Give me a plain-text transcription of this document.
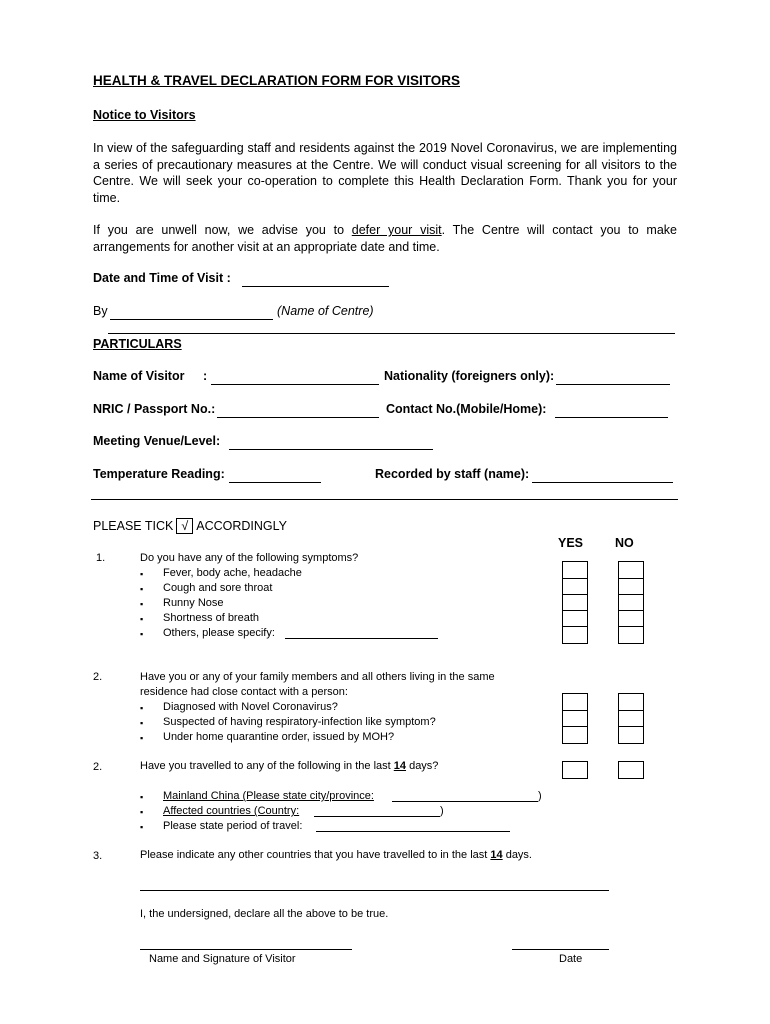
HEALTH & TRAVEL DECLARATION FORM FOR VISITORS
Notice to Visitors
In view of the safeguarding staff and residents against the 2019 Novel Coronavirus, we are implementing a series of precautionary measures at the Centre. We will conduct visual screening for all visitors to the Centre. We will seek your co-operation to complete this Health Declaration Form. Thank you for your time.
If you are unwell now, we advise you to defer your visit. The Centre will contact you to make arrangements for another visit at an appropriate date and time.
Date and Time of Visit :
By	(Name of Centre)
PARTICULARS
Name of Visitor :	Nationality (foreigners only):
NRIC / Passport No.:	Contact No.(Mobile/Home):
Meeting Venue/Level:
Temperature Reading:	Recorded by staff (name):
PLEASE TICK √ ACCORDINGLY
YES	NO
1.	Do you have any of the following symptoms?
▪ Fever, body ache, headache
▪ Cough and sore throat
▪ Runny Nose
▪ Shortness of breath
▪ Others, please specify:
2.	Have you or any of your family members and all others living in the same
residence had close contact with a person:
▪ Diagnosed with Novel Coronavirus?
▪ Suspected of having respiratory-infection like symptom?
▪ Under home quarantine order, issued by MOH?
2.	Have you travelled to any of the following in the last 14 days?
▪ Mainland China (Please state city/province:	)
▪ Affected countries (Country:	)
▪ Please state period of travel:
3.	Please indicate any other countries that you have travelled to in the last 14 days.
I, the undersigned, declare all the above to be true.
Name and Signature of Visitor	Date
